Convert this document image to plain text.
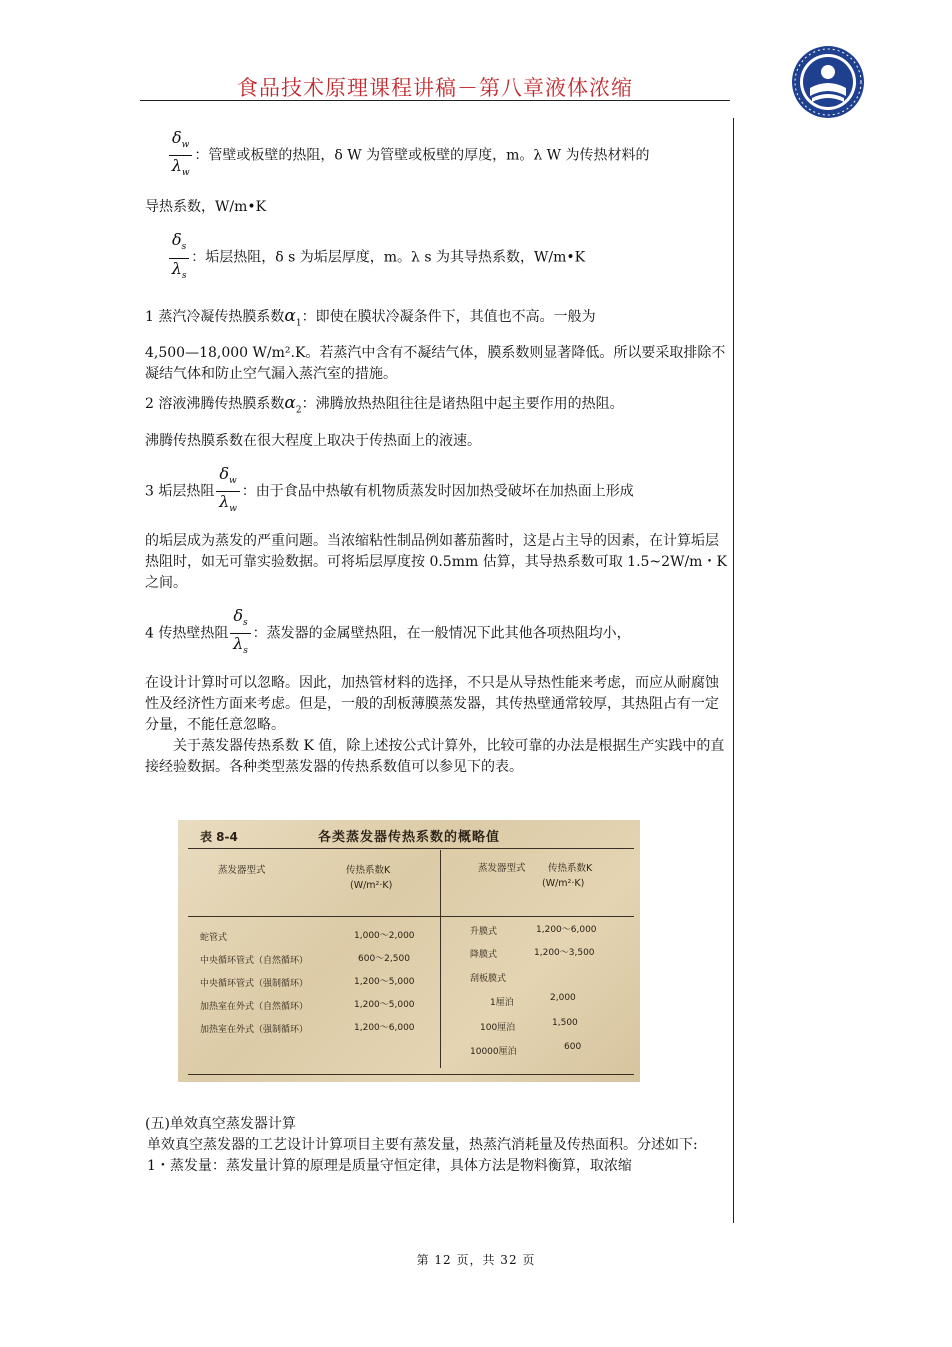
食品技术原理课程讲稿－第八章液体浓缩
$\frac{\delta_w}{\lambda_w}$ ：管壁或板壁的热阻，δ W 为管壁或板壁的厚度，m。λ W 为传热材料的
导热系数，W/m•K
$\frac{\delta_s}{\lambda_s}$ ：垢层热阻，δ s 为垢层厚度，m。λ s 为其导热系数，W/m•K
1 蒸汽冷凝传热膜系数$\alpha_1$：即使在膜状冷凝条件下，其值也不高。一般为
4,500—18,000 W/m².K。若蒸汽中含有不凝结气体，膜系数则显著降低。所以要采取排除不凝结气体和防止空气漏入蒸汽室的措施。
2 溶液沸腾传热膜系数$\alpha_2$：沸腾放热热阻往往是诸热阻中起主要作用的热阻。
沸腾传热膜系数在很大程度上取决于传热面上的液速。
3 垢层热阻 $\frac{\delta_w}{\lambda_w}$ ：由于食品中热敏有机物质蒸发时因加热受破坏在加热面上形成
的垢层成为蒸发的严重问题。当浓缩粘性制品例如蕃茄酱时，这是占主导的因素，在计算垢层热阻时，如无可靠实验数据。可将垢层厚度按 0.5mm 估算，其导热系数可取 1.5~2W/m・K 之间。
4 传热壁热阻 $\frac{\delta_s}{\lambda_s}$ ：蒸发器的金属壁热阻，在一般情况下此其他各项热阻均小，
在设计计算时可以忽略。因此，加热管材料的选择，不只是从导热性能来考虑，而应从耐腐蚀性及经济性方面来考虑。但是，一般的刮板薄膜蒸发器，其传热壁通常较厚，其热阻占有一定分量，不能任意忽略。
关于蒸发器传热系数 K 值，除上述按公式计算外，比较可靠的办法是根据生产实践中的直接经验数据。各种类型蒸发器的传热系数值可以参见下的表。
表 8-4	各类蒸发器传热系数的概略值
蒸发器型式	传热系数K
(W/m²·K)
蒸发器型式 传热系数K
(W/m²·K)
蛇管式	1,000～2,000
中央循环管式（自然循环）	600～2,500
中央循环管式（强制循环）	1,200～5,000
加热室在外式（自然循环）	1,200～5,000
加热室在外式（强制循环）	1,200～6,000
升膜式	1,200～6,000
降膜式	1,200～3,500
刮板膜式
1厘泊	2,000
100厘泊	1,500
10000厘泊	600
(五)单效真空蒸发器计算
单效真空蒸发器的工艺设计计算项目主要有蒸发量，热蒸汽消耗量及传热面积。分述如下:
1・蒸发量：蒸发量计算的原理是质量守恒定律，具体方法是物料衡算，取浓缩
第 12 页，共 32 页
